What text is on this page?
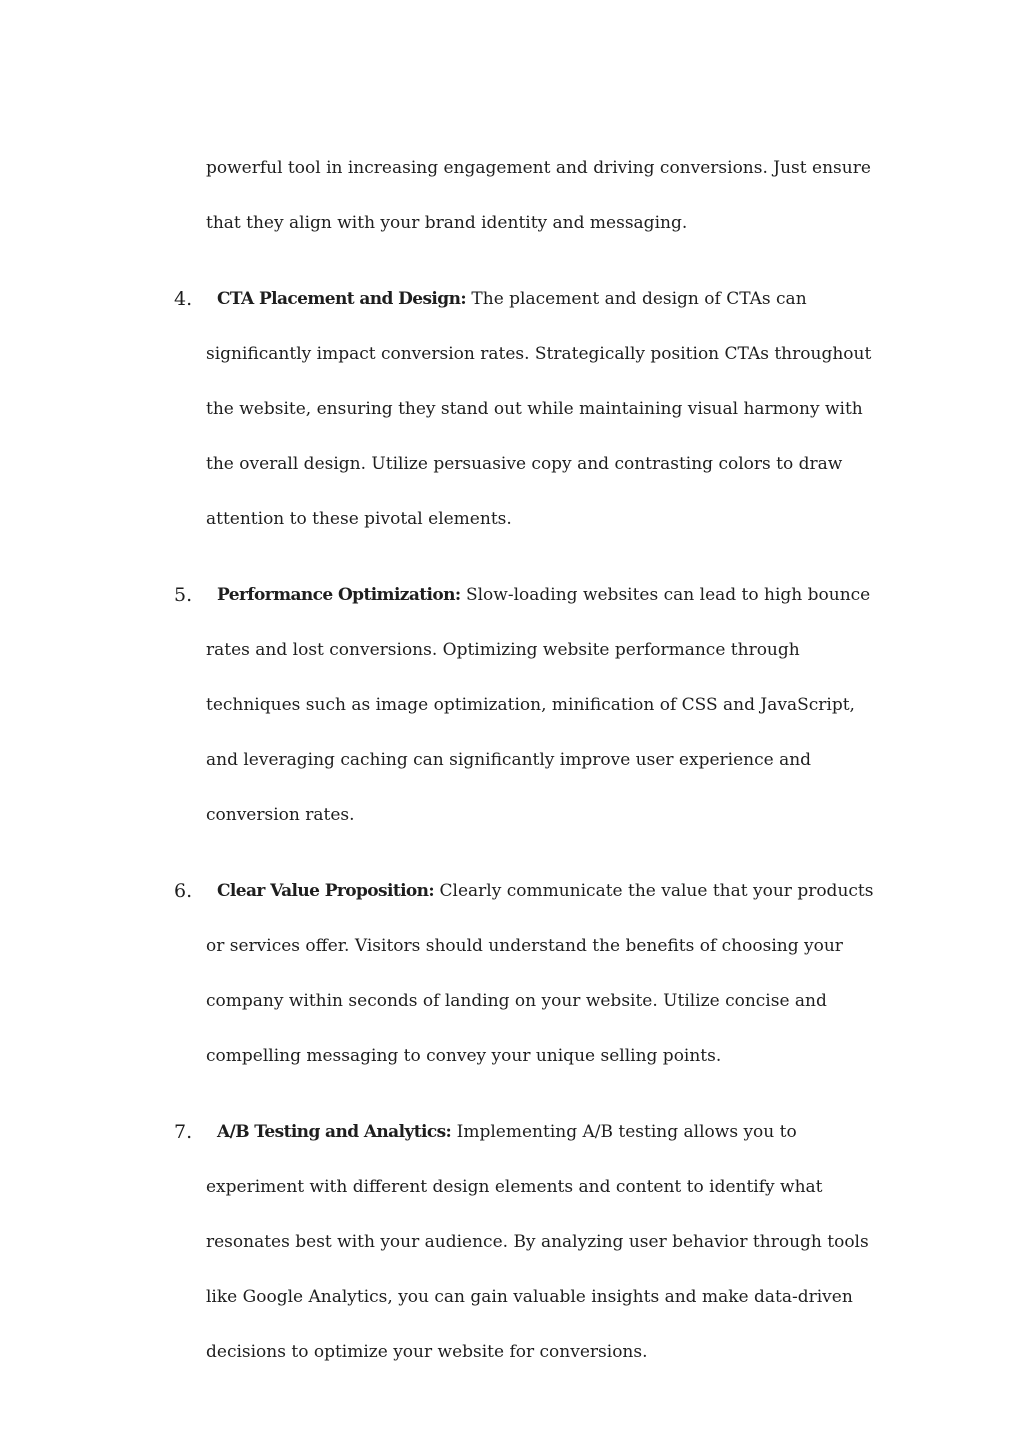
powerful tool in increasing engagement and driving conversions. Just ensure that they align with your brand identity and messaging.

4.	CTA Placement and Design: The placement and design of CTAs can significantly impact conversion rates. Strategically position CTAs throughout the website, ensuring they stand out while maintaining visual harmony with the overall design. Utilize persuasive copy and contrasting colors to draw attention to these pivotal elements.

5.	Performance Optimization: Slow-loading websites can lead to high bounce rates and lost conversions. Optimizing website performance through techniques such as image optimization, minification of CSS and JavaScript, and leveraging caching can significantly improve user experience and conversion rates.

6.	Clear Value Proposition: Clearly communicate the value that your products or services offer. Visitors should understand the benefits of choosing your company within seconds of landing on your website. Utilize concise and compelling messaging to convey your unique selling points.

7.	A/B Testing and Analytics: Implementing A/B testing allows you to experiment with different design elements and content to identify what resonates best with your audience. By analyzing user behavior through tools like Google Analytics, you can gain valuable insights and make data-driven decisions to optimize your website for conversions.
